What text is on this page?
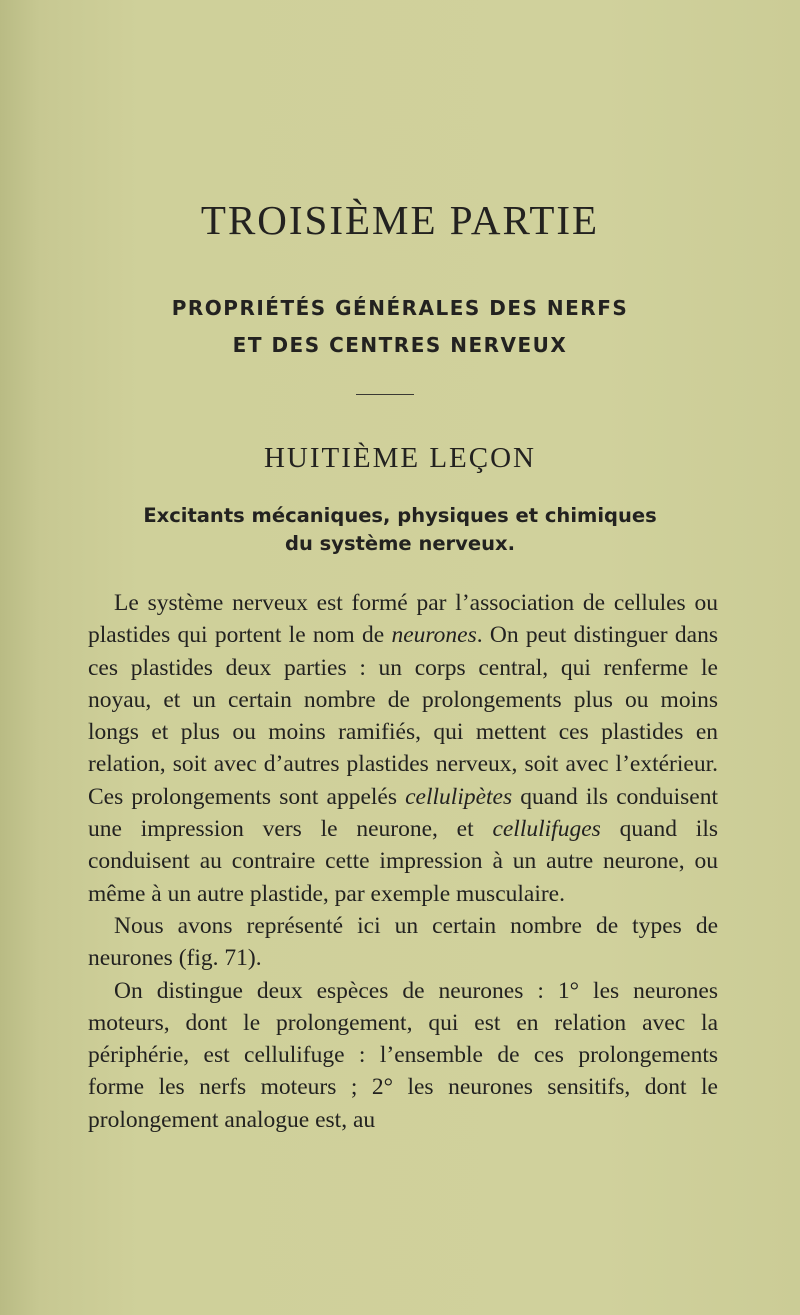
TROISIÈME PARTIE
PROPRIÉTÉS GÉNÉRALES DES NERFS
ET DES CENTRES NERVEUX
HUITIÈME LEÇON
Excitants mécaniques, physiques et chimiques
du système nerveux.

Le système nerveux est formé par l’association de cellules ou plastides qui portent le nom de neurones. On peut distinguer dans ces plastides deux parties : un corps central, qui renferme le noyau, et un certain nombre de prolongements plus ou moins longs et plus ou moins ramifiés, qui mettent ces plastides en relation, soit avec d’autres plastides nerveux, soit avec l’extérieur. Ces prolongements sont appelés cellulipètes quand ils conduisent une impression vers le neurone, et cellulifuges quand ils conduisent au contraire cette impression à un autre neurone, ou même à un autre plastide, par exemple musculaire.

Nous avons représenté ici un certain nombre de types de neurones (fig. 71).

On distingue deux espèces de neurones : 1° les neurones moteurs, dont le prolongement, qui est en relation avec la périphérie, est cellulifuge : l’ensemble de ces prolongements forme les nerfs moteurs ; 2° les neurones sensitifs, dont le prolongement analogue est, au
